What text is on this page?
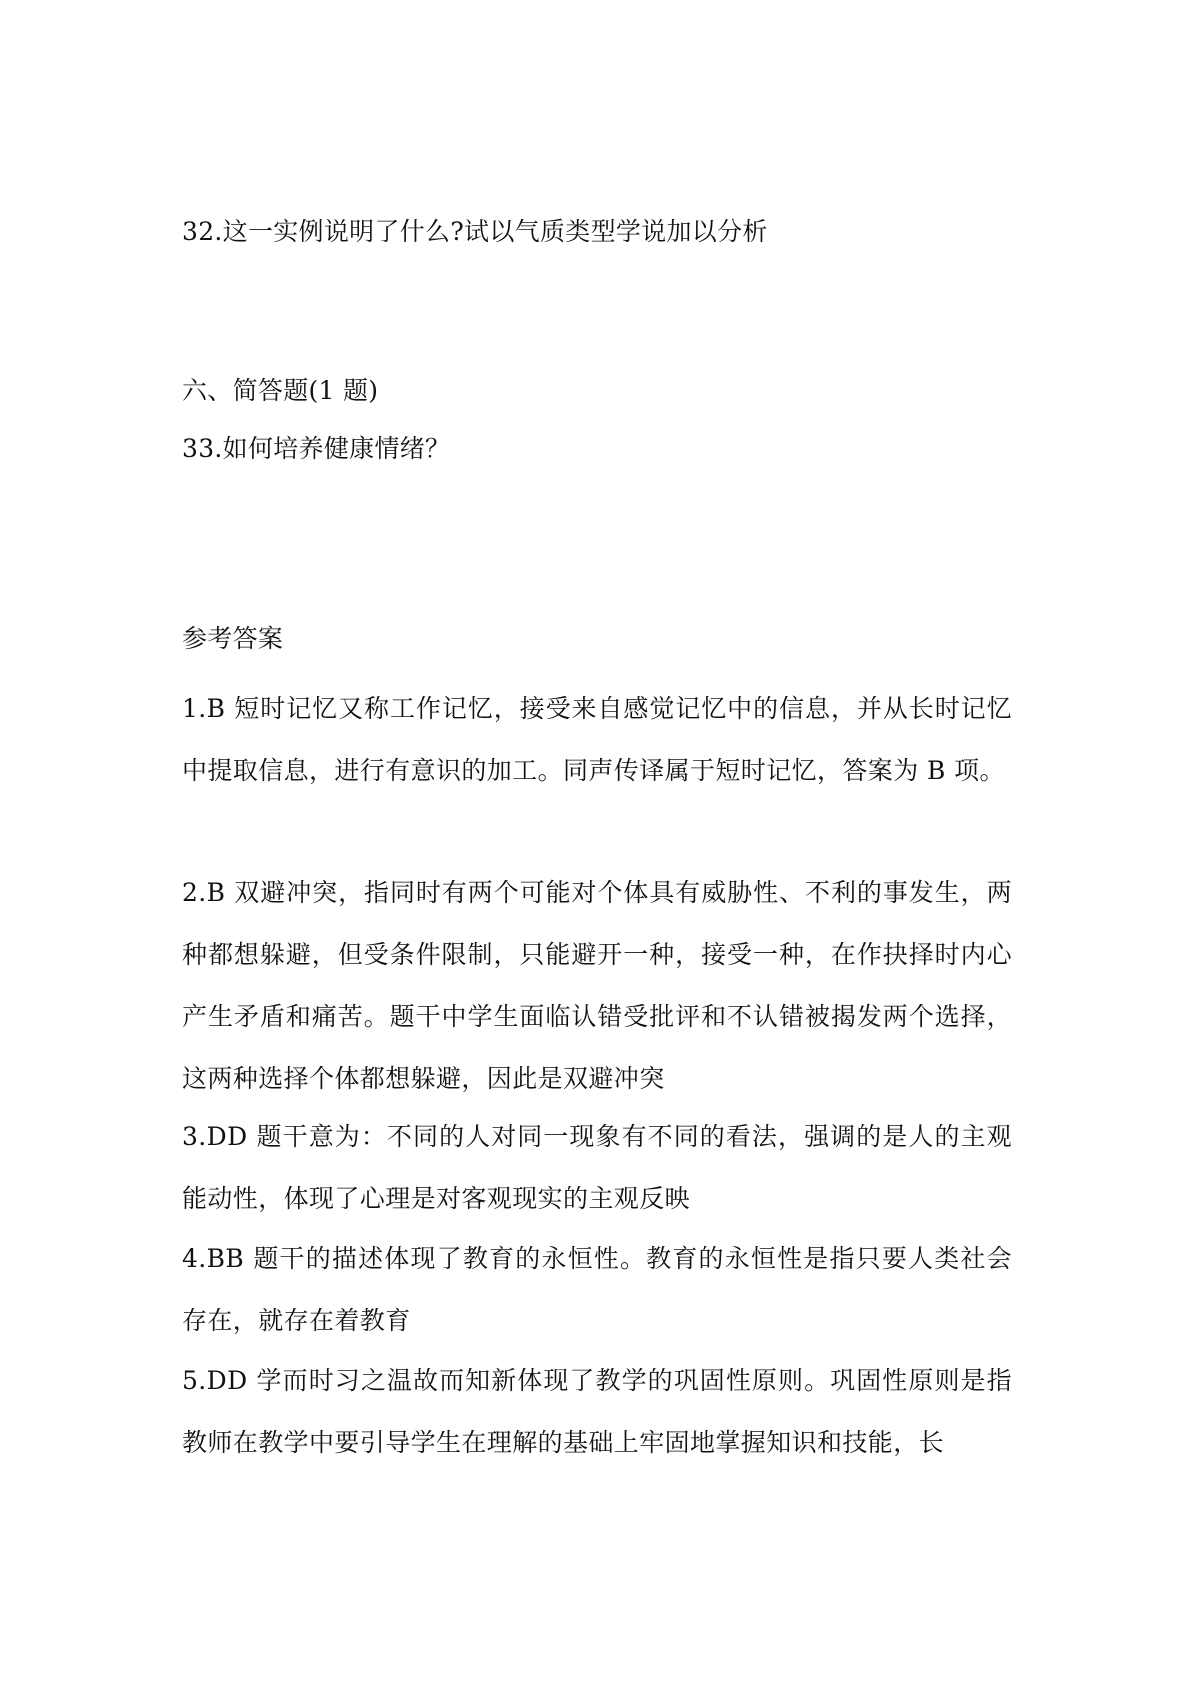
32.这一实例说明了什么?试以气质类型学说加以分析
六、简答题(1 题)
33.如何培养健康情绪？
参考答案
1.B 短时记忆又称工作记忆，接受来自感觉记忆中的信息，并从长时记忆中提取信息，进行有意识的加工。同声传译属于短时记忆，答案为 B 项。
2.B 双避冲突，指同时有两个可能对个体具有威胁性、不利的事发生，两种都想躲避，但受条件限制，只能避开一种，接受一种，在作抉择时内心产生矛盾和痛苦。题干中学生面临认错受批评和不认错被揭发两个选择，这两种选择个体都想躲避，因此是双避冲突
3.DD 题干意为：不同的人对同一现象有不同的看法，强调的是人的主观能动性，体现了心理是对客观现实的主观反映
4.BB 题干的描述体现了教育的永恒性。教育的永恒性是指只要人类社会存在，就存在着教育
5.DD 学而时习之温故而知新体现了教学的巩固性原则。巩固性原则是指教师在教学中要引导学生在理解的基础上牢固地掌握知识和技能，长
